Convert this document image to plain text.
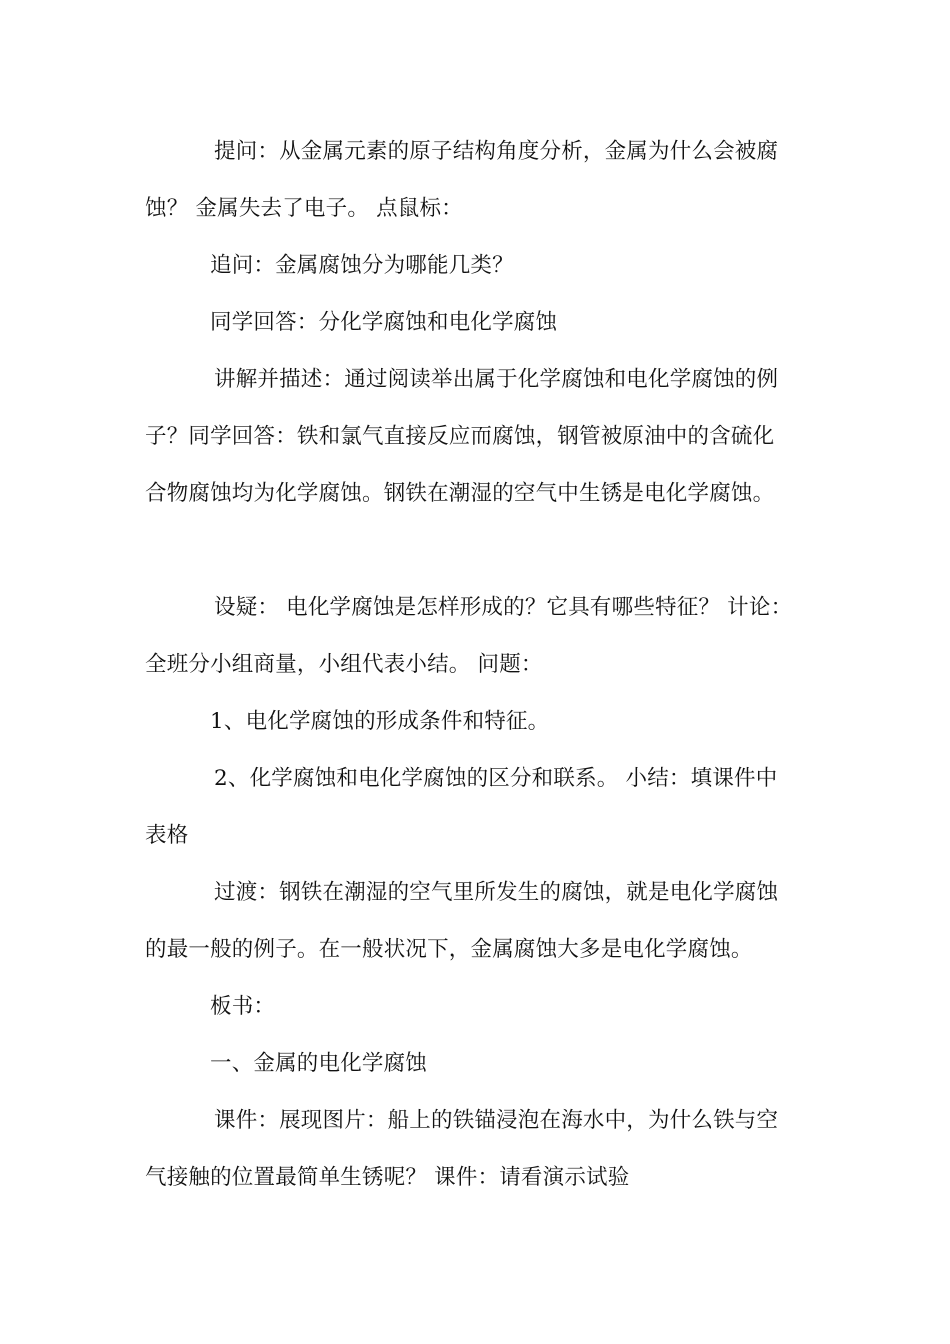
提问：从金属元素的原子结构角度分析，金属为什么会被腐
蚀？ 金属失去了电子。 点鼠标：
追问：金属腐蚀分为哪能几类？
同学回答：分化学腐蚀和电化学腐蚀
讲解并描述：通过阅读举出属于化学腐蚀和电化学腐蚀的例
子？同学回答：铁和氯气直接反应而腐蚀，钢管被原油中的含硫化
合物腐蚀均为化学腐蚀。钢铁在潮湿的空气中生锈是电化学腐蚀。
设疑： 电化学腐蚀是怎样形成的？它具有哪些特征？ 计论：
全班分小组商量，小组代表小结。 问题：
1、电化学腐蚀的形成条件和特征。
2、化学腐蚀和电化学腐蚀的区分和联系。 小结：填课件中
表格
过渡：钢铁在潮湿的空气里所发生的腐蚀，就是电化学腐蚀
的最一般的例子。在一般状况下，金属腐蚀大多是电化学腐蚀。
板书：
一、金属的电化学腐蚀
课件：展现图片：船上的铁锚浸泡在海水中，为什么铁与空
气接触的位置最简单生锈呢？ 课件：请看演示试验
